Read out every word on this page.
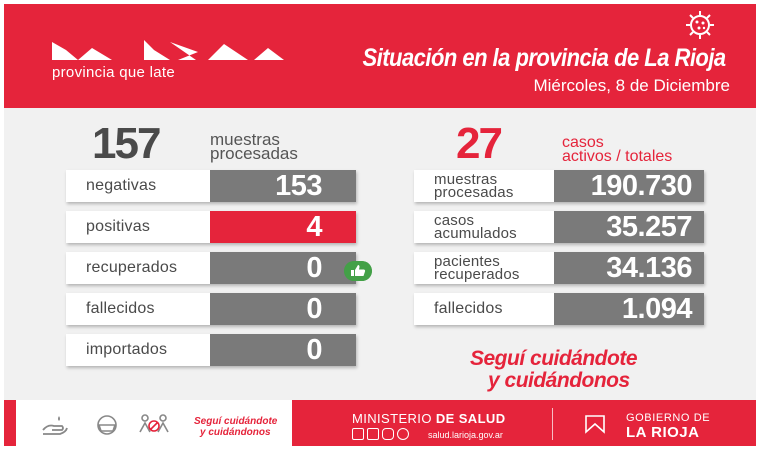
provincia que late
Situación en la provincia de La Rioja
Miércoles, 8 de Diciembre
157	muestras
procesadas
negativas	153
positivas	4
recuperados	0
fallecidos	0
importados	0
27	casos
activos / totales
muestras
procesadas	190.730
casos
acumulados	35.257
pacientes
recuperados	34.136
fallecidos	1.094
Seguí cuidándote
y cuidándonos
Seguí cuidándote
y cuidándonos
MINISTERIO DE SALUD
salud.larioja.gov.ar
GOBIERNO DE
LA RIOJA
